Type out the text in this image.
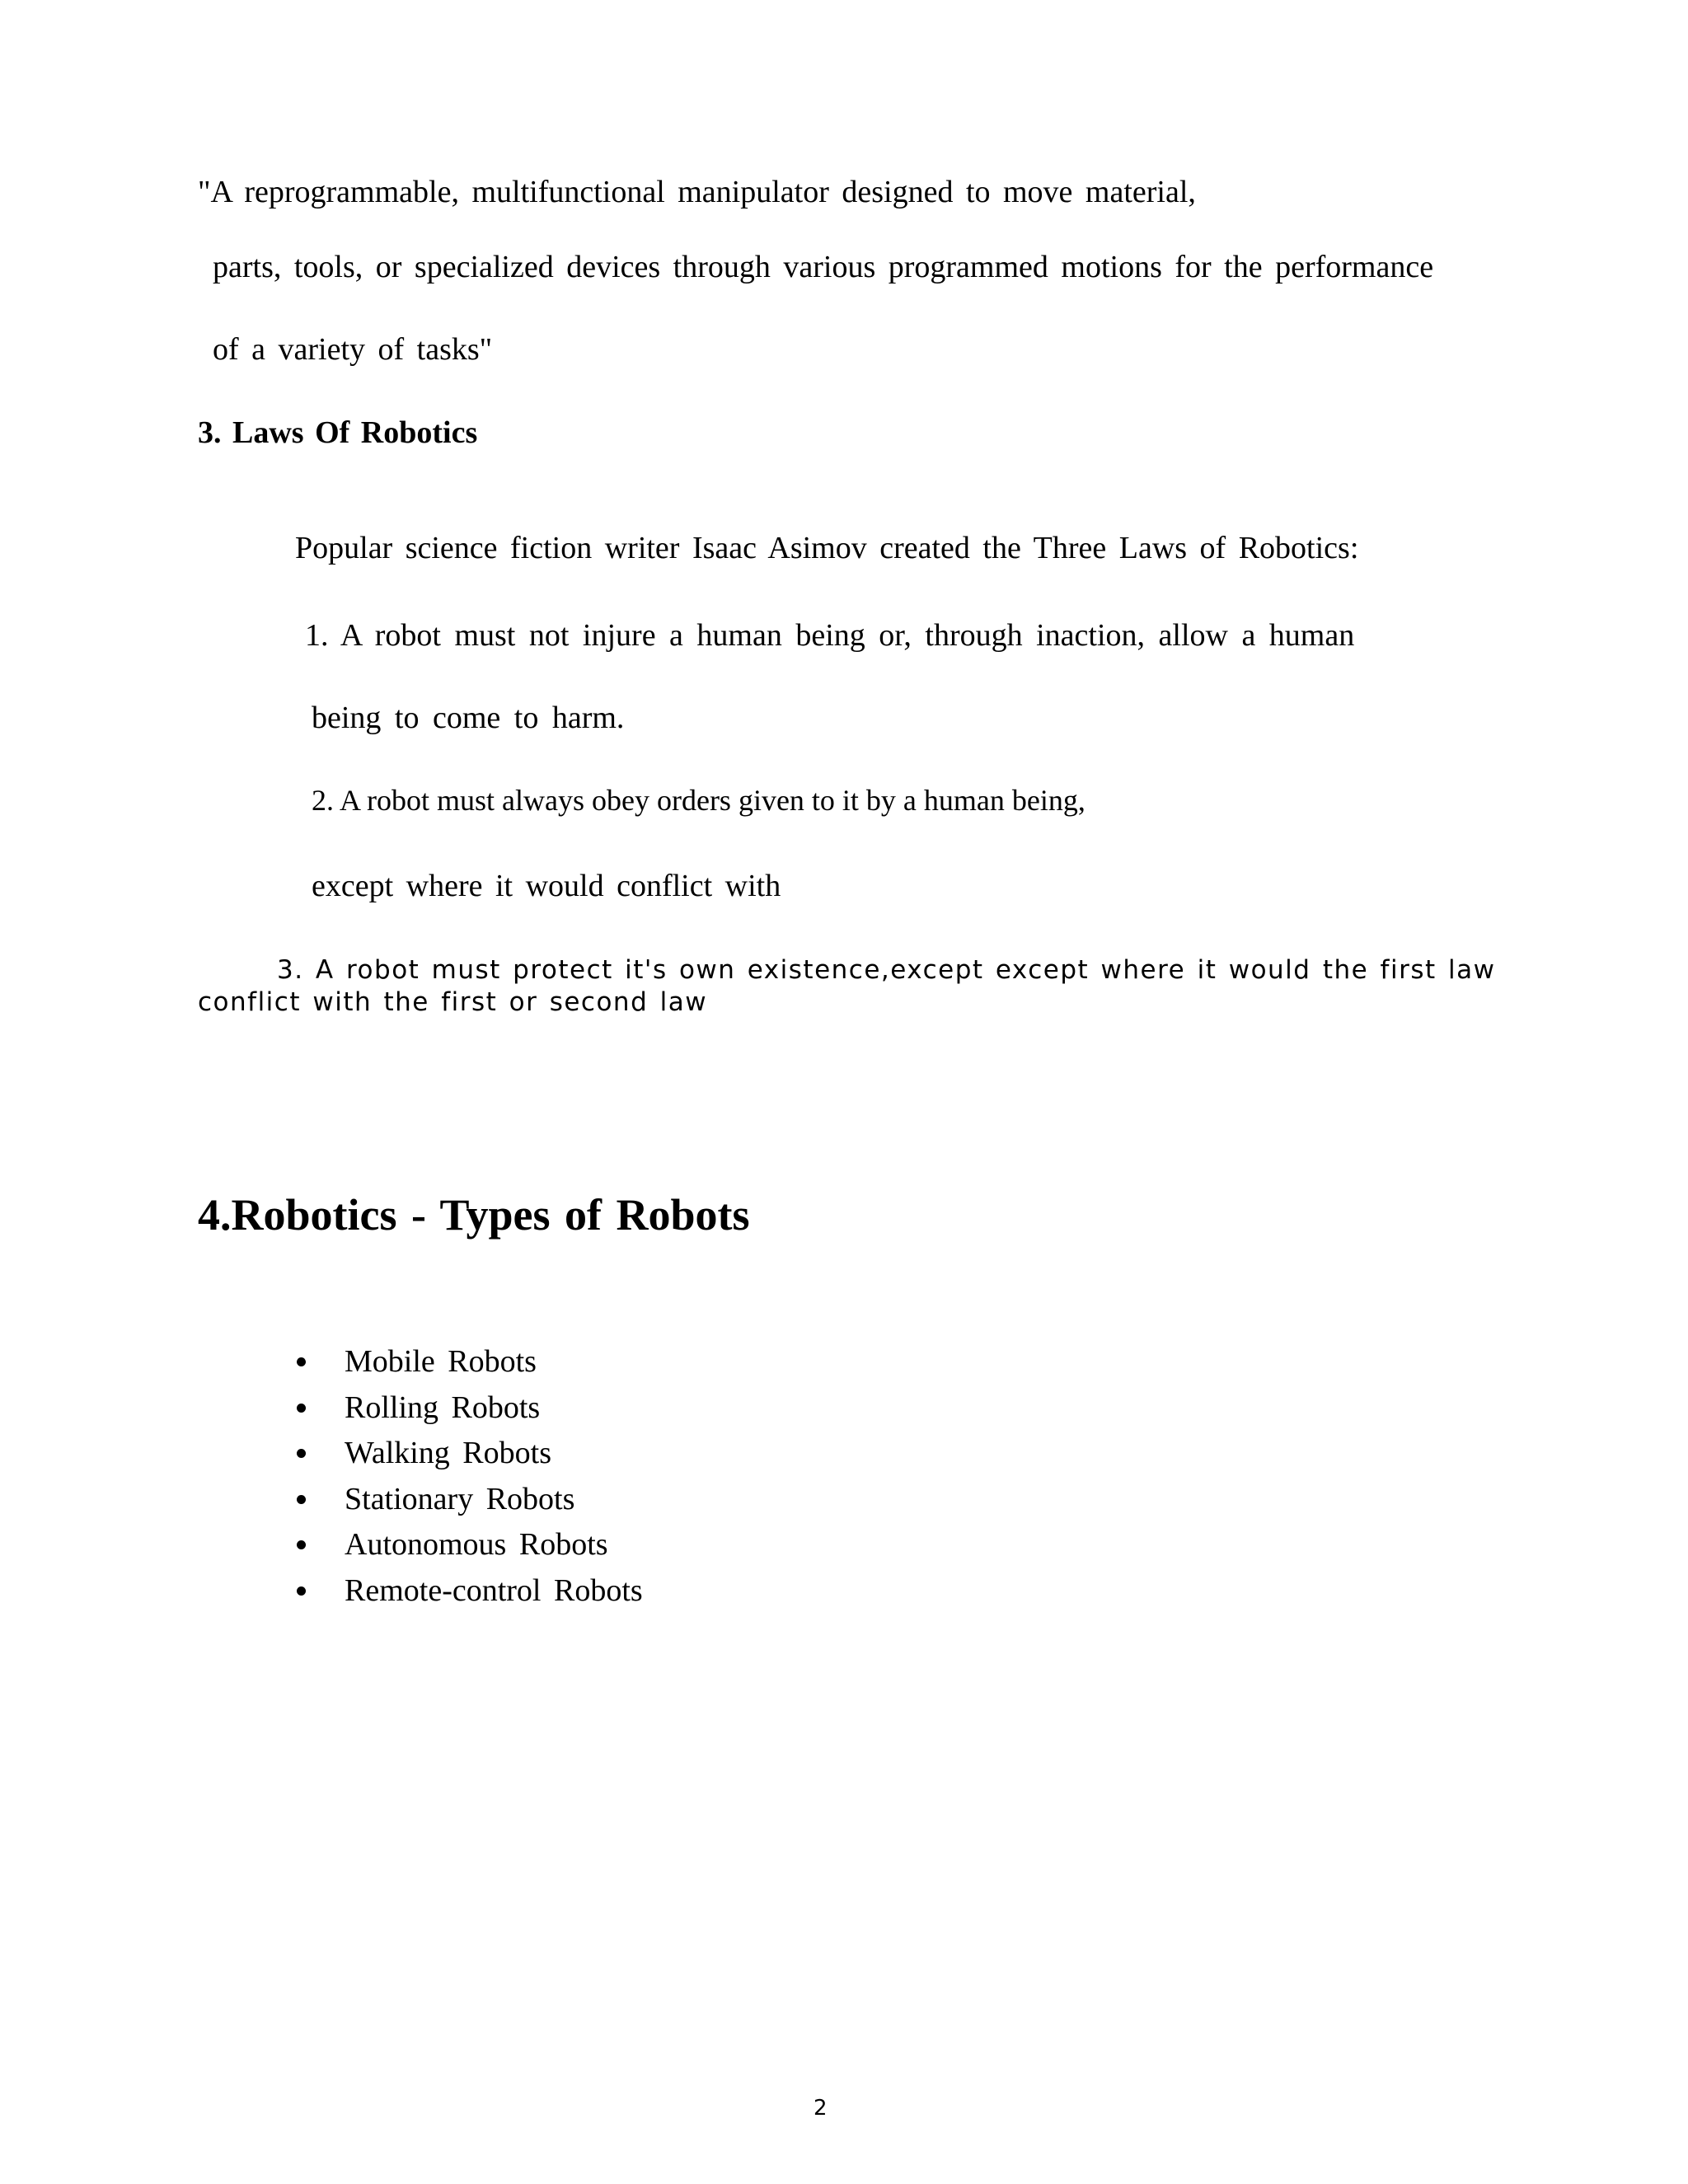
"A reprogrammable, multifunctional manipulator designed to move material,
parts, tools, or specialized devices through various programmed motions for the performance
of a variety of tasks"
3. Laws Of Robotics
Popular science fiction writer Isaac Asimov created the Three Laws of Robotics:
1. A robot must not injure a human being or, through inaction, allow a human
being to come to harm.
2. A robot must always obey orders given to it by a human being,
except where it would conflict with
3. A robot must protect it's own existence,except except where it would the first law
conflict with the first or second law
4.Robotics - Types of Robots
Mobile Robots
Rolling Robots
Walking Robots
Stationary Robots
Autonomous Robots
Remote-control Robots
2
